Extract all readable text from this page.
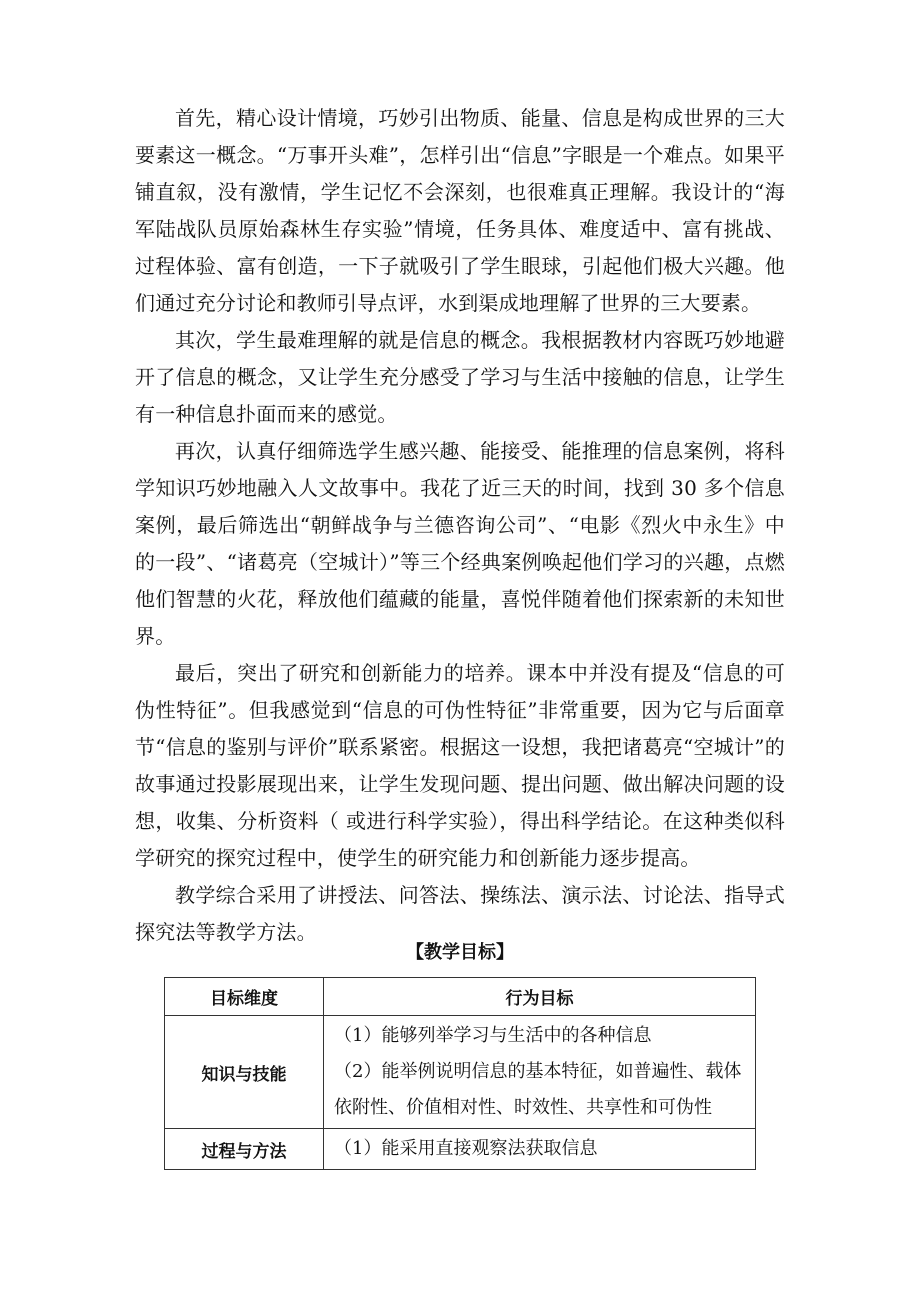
首先，精心设计情境，巧妙引出物质、能量、信息是构成世界的三大要素这一概念。“万事开头难”，怎样引出“信息”字眼是一个难点。如果平铺直叙，没有激情，学生记忆不会深刻，也很难真正理解。我设计的“海军陆战队员原始森林生存实验”情境，任务具体、难度适中、富有挑战、过程体验、富有创造，一下子就吸引了学生眼球，引起他们极大兴趣。他们通过充分讨论和教师引导点评，水到渠成地理解了世界的三大要素。

其次，学生最难理解的就是信息的概念。我根据教材内容既巧妙地避开了信息的概念，又让学生充分感受了学习与生活中接触的信息，让学生有一种信息扑面而来的感觉。

再次，认真仔细筛选学生感兴趣、能接受、能推理的信息案例，将科学知识巧妙地融入人文故事中。我花了近三天的时间，找到 30 多个信息案例，最后筛选出“朝鲜战争与兰德咨询公司”、“电影《烈火中永生》中的一段”、“诸葛亮（空城计）”等三个经典案例唤起他们学习的兴趣，点燃他们智慧的火花，释放他们蕴藏的能量，喜悦伴随着他们探索新的未知世界。

最后，突出了研究和创新能力的培养。课本中并没有提及“信息的可伪性特征”。但我感觉到“信息的可伪性特征”非常重要，因为它与后面章节“信息的鉴别与评价”联系紧密。根据这一设想，我把诸葛亮“空城计”的故事通过投影展现出来，让学生发现问题、提出问题、做出解决问题的设想，收集、分析资料（ 或进行科学实验），得出科学结论。在这种类似科学研究的探究过程中，使学生的研究能力和创新能力逐步提高。

教学综合采用了讲授法、问答法、操练法、演示法、讨论法、指导式探究法等教学方法。

【教学目标】
目标维度	行为目标
知识与技能	（1）能够列举学习与生活中的各种信息

（2）能举例说明信息的基本特征，如普遍性、载体依附性、价值相对性、时效性、共享性和可伪性

过程与方法	（1）能采用直接观察法获取信息
